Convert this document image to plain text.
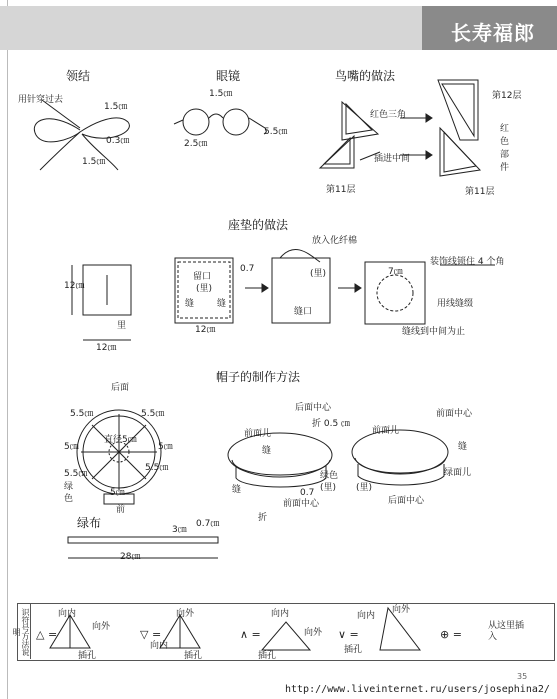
长寿福郎
领结
用针穿过去
1.5㎝
0.3㎝
1.5㎝
眼镜
1.5㎝
2.5㎝
5.5㎝
鸟嘴的做法
红色三角
插进中间
第11层
第12层
红
色
部
件
第11层
座垫的做法
12㎝
里
12㎝
留口
(里)
缝	缝
12㎝
0.7
放入化纤棉
缝口
(里)	7㎝
装饰线锁住 4 个角
用线缝缀
缝线到中间为止
帽子的制作方法
后面
5.5㎝	5.5㎝
5㎝
直径5㎝
5㎝
5.5㎝
5.5㎝
绿
色
5㎝
前
后面中心
折 0.5 ㎝
前面儿
缝
缝
绿色
(里)
0.7
前面中心
折
前面中心
前面儿
缝
绿面儿
(里)
后面中心
绿布	3㎝
0.7㎝
28㎝
识符号方法说明	△ =
向内
向外
插孔
▽ =
向外
向内
插孔
∧ =
向内
向外
插孔
∨ =
向外
向内
插孔
⊕ =
从这里插入
35
http://www.liveinternet.ru/users/josephina2/
